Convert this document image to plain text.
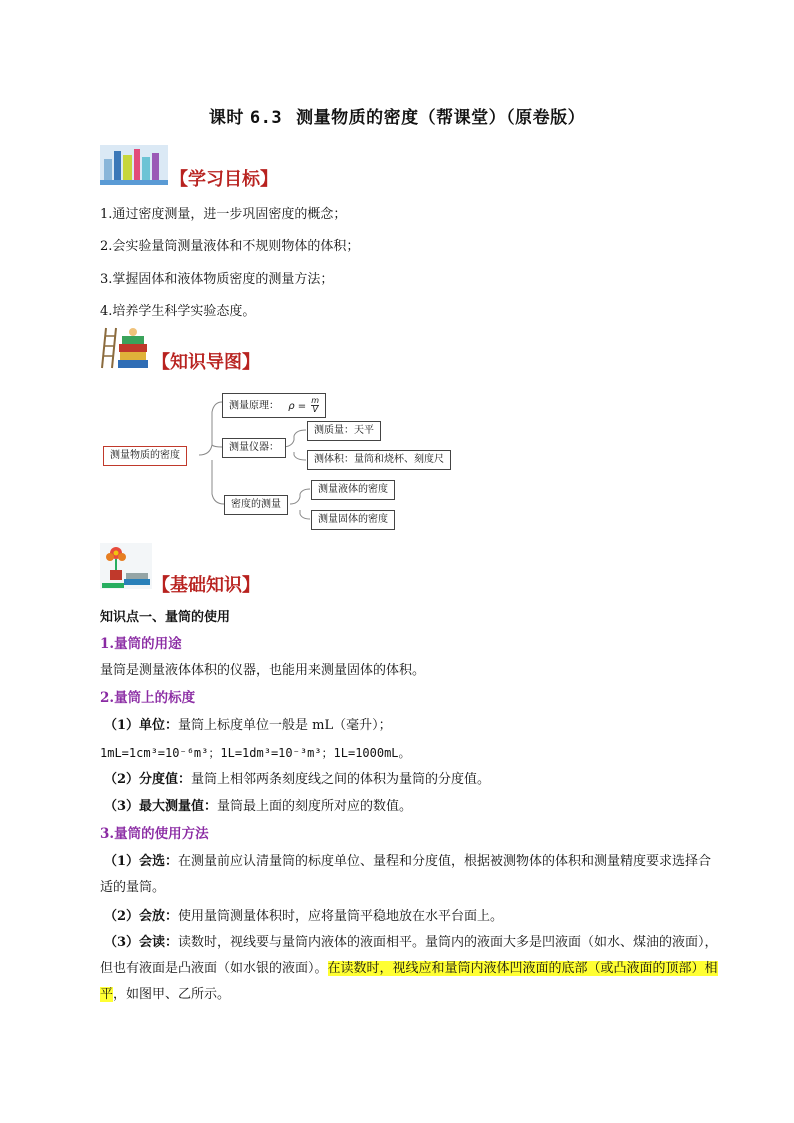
课时 6.3 测量物质的密度（帮课堂）（原卷版）
【学习目标】
1.通过密度测量，进一步巩固密度的概念；
2.会实验量筒测量液体和不规则物体的体积；
3.掌握固体和液体物质密度的测量方法；
4.培养学生科学实验态度。
【知识导图】
测量物质的密度
测量原理： $\rho = \frac{m}{V}$
测量仪器：
测质量：天平
测体积：量筒和烧杯、刻度尺
密度的测量
测量液体的密度
测量固体的密度
【基础知识】
知识点一、量筒的使用
1.量筒的用途
量筒是测量液体体积的仪器，也能用来测量固体的体积。
2.量筒上的标度
（1）单位：量筒上标度单位一般是 mL（毫升）；
1mL=1cm³=10⁻⁶m³；1L=1dm³=10⁻³m³；1L=1000mL。
（2）分度值：量筒上相邻两条刻度线之间的体积为量筒的分度值。
（3）最大测量值：量筒最上面的刻度所对应的数值。
3.量筒的使用方法
（1）会选：在测量前应认清量筒的标度单位、量程和分度值，根据被测物体的体积和测量精度要求选择合适的量筒。
（2）会放：使用量筒测量体积时，应将量筒平稳地放在水平台面上。
（3）会读：读数时，视线要与量筒内液体的液面相平。量筒内的液面大多是凹液面（如水、煤油的液面），但也有液面是凸液面（如水银的液面）。在读数时，视线应和量筒内液体凹液面的底部（或凸液面的顶部）相平，如图甲、乙所示。
